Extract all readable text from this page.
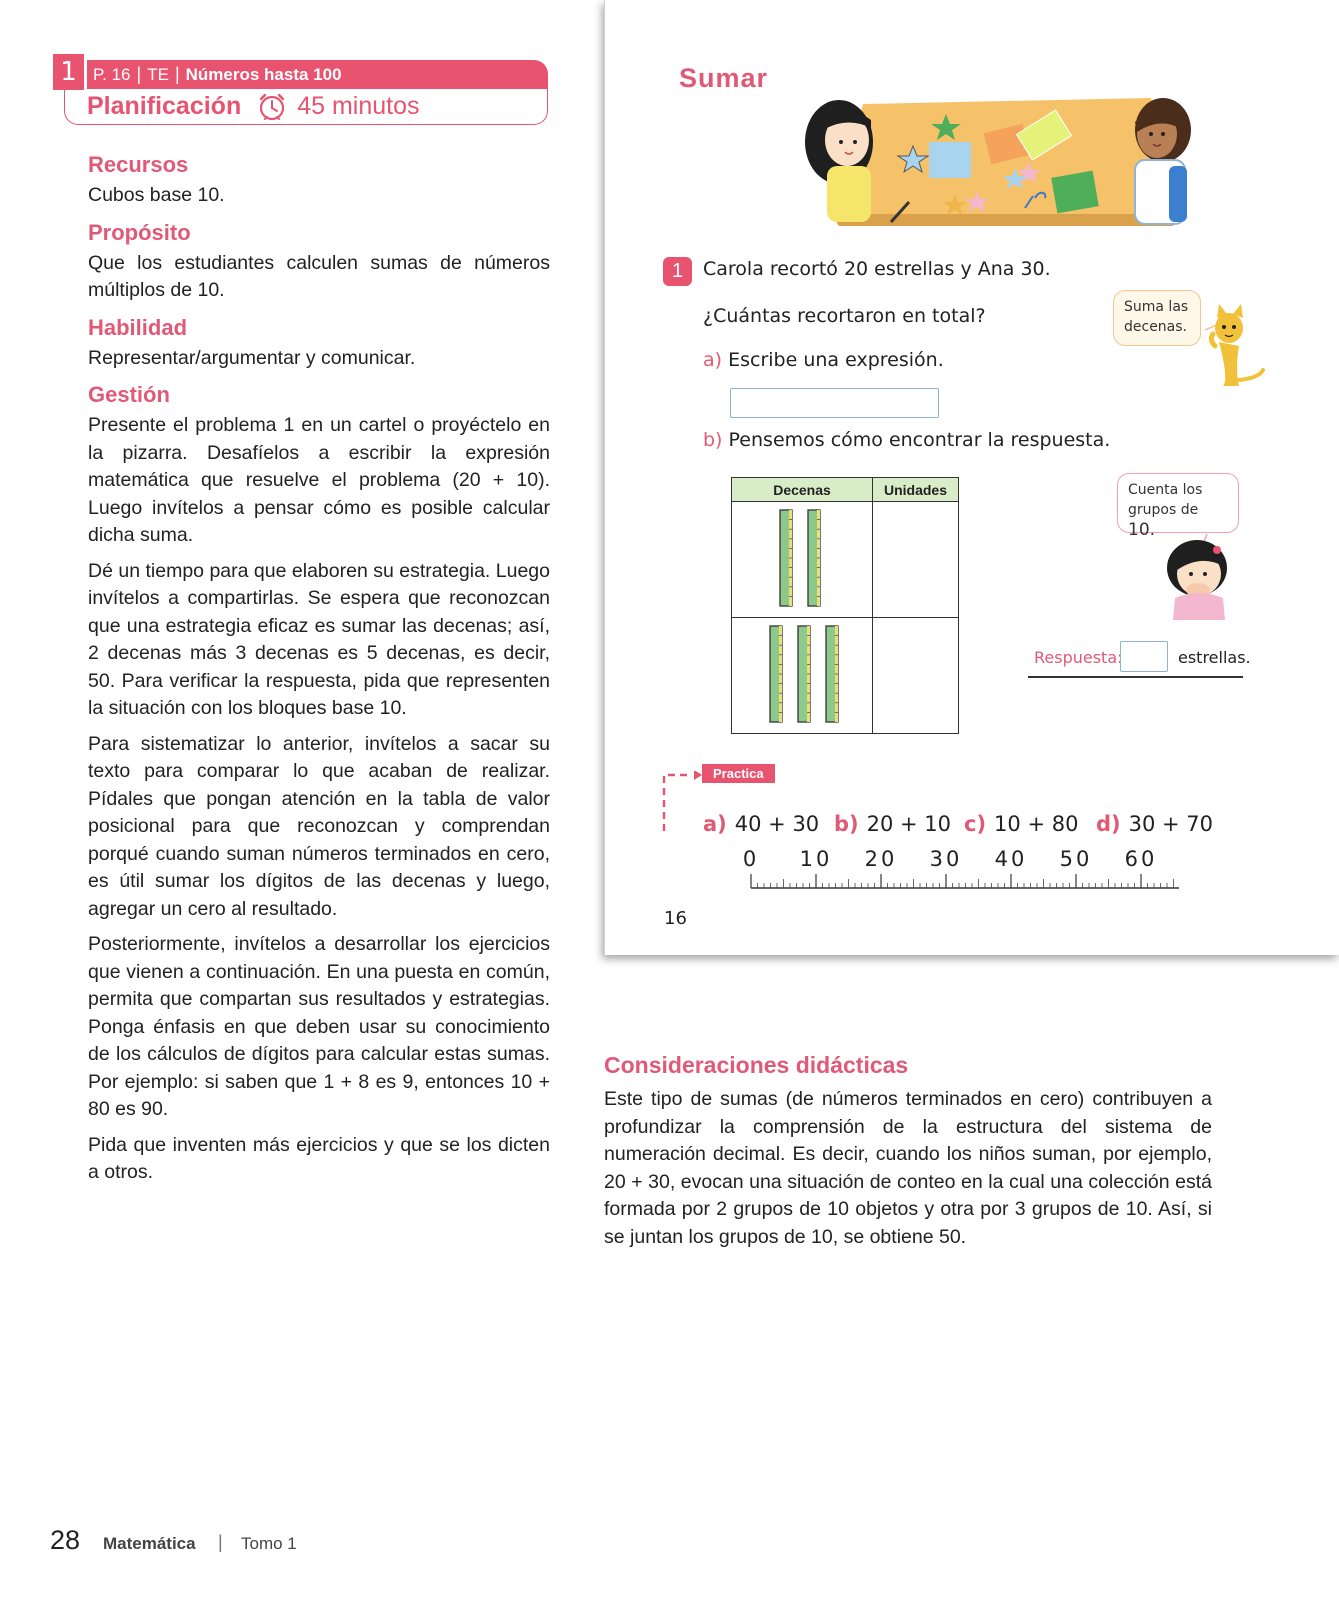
1 P. 16 | TE | Números hasta 100
Planificación 45 minutos
Recursos

Cubos base 10.

Propósito

Que los estudiantes calculen sumas de números múltiplos de 10.

Habilidad

Representar/argumentar y comunicar.

Gestión

Presente el problema 1 en un cartel o proyéctelo en la pizarra. Desafíelos a escribir la expresión matemática que resuelve el problema (20 + 10). Luego invítelos a pensar cómo es posible calcular dicha suma.

Dé un tiempo para que elaboren su estrategia. Luego invítelos a compartirlas. Se espera que reconozcan que una estrategia eficaz es sumar las decenas; así, 2 decenas más 3 decenas es 5 decenas, es decir, 50. Para verificar la respuesta, pida que representen la situación con los bloques base 10.

Para sistematizar lo anterior, invítelos a sacar su texto para comparar lo que acaban de realizar. Pídales que pongan atención en la tabla de valor posicional para que reconozcan y comprendan porqué cuando suman números terminados en cero, es útil sumar los dígitos de las decenas y luego, agregar un cero al resultado.

Posteriormente, invítelos a desarrollar los ejercicios que vienen a continuación. En una puesta en común, permita que compartan sus resultados y estrategias. Ponga énfasis en que deben usar su conocimiento de los cálculos de dígitos para calcular estas sumas. Por ejemplo: si saben que 1 + 8 es 9, entonces 10 + 80 es 90.

Pida que inventen más ejercicios y que se los dicten a otros.

Sumar
1	Carola recortó 20 estrellas y Ana 30.
¿Cuántas recortaron en total?
a) Escribe una expresión.
b) Pensemos cómo encontrar la respuesta.
Suma las
decenas.
Decenas	Unidades

		Cuenta los
grupos de 10.
Respuesta:	estrellas.
Practica
a) 40 + 30 b) 20 + 10 c) 10 + 80 d) 30 + 70
0 10 20 30 40 50 60
16
Consideraciones didácticas

Este tipo de sumas (de números terminados en cero) contribuyen a profundizar la comprensión de la estructura del sistema de numeración decimal. Es decir, cuando los niños suman, por ejemplo, 20 + 30, evocan una situación de conteo en la cual una colección está formada por 2 grupos de 10 objetos y otra por 3 grupos de 10. Así, si se juntan los grupos de 10, se obtiene 50.

28 Matemática | Tomo 1
